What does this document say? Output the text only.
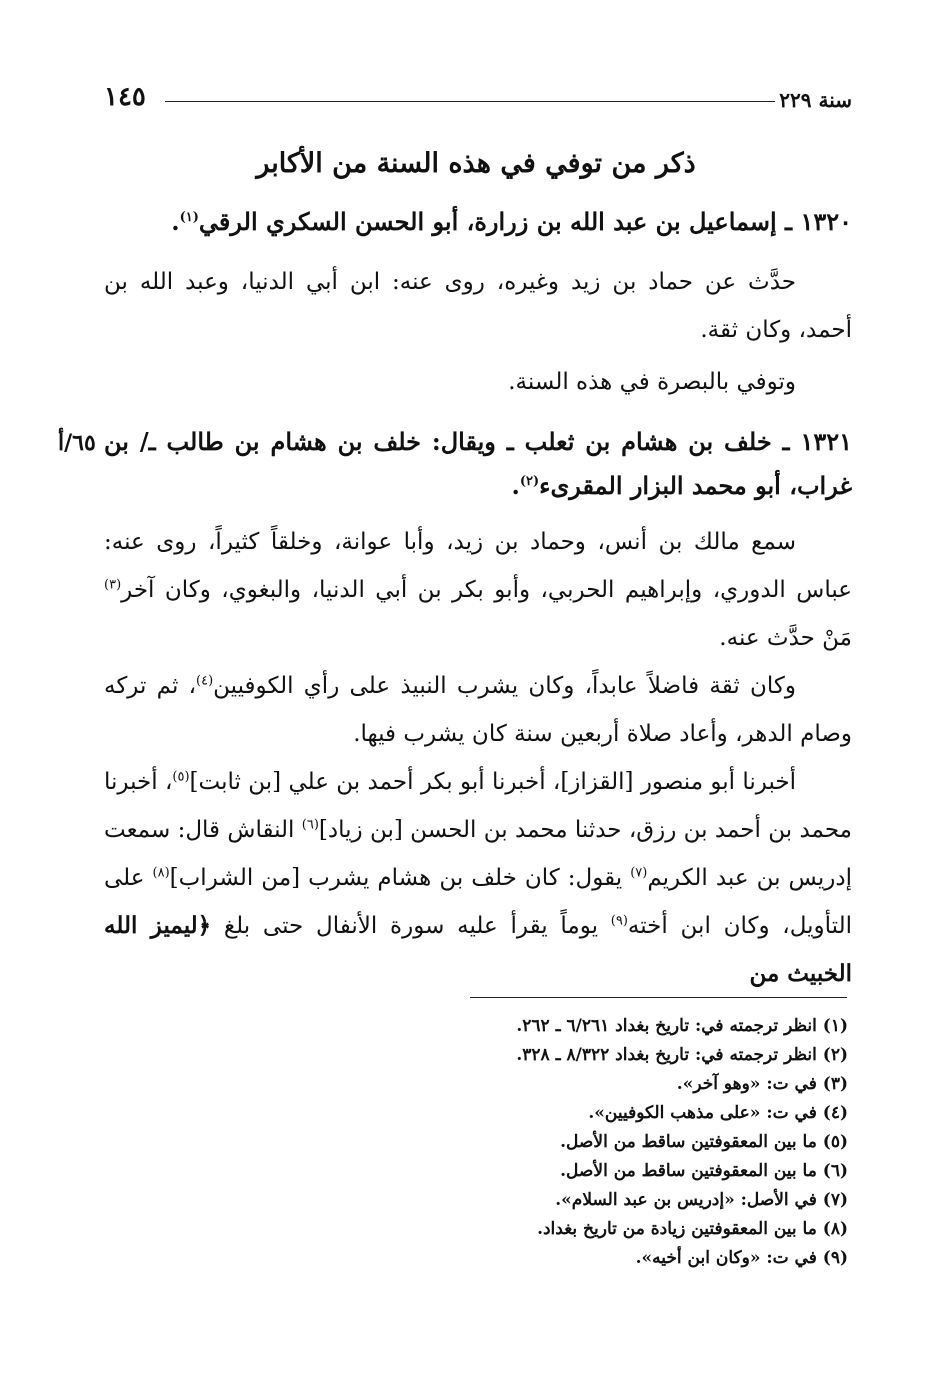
سنة ٢٢٩
١٤٥
ذكر من توفي في هذه السنة من الأكابر
١٣٢٠ ـ إسماعيل بن عبد الله بن زرارة، أبو الحسن السكري الرقي$^{(١)}$.
حدَّث عن حماد بن زيد وغيره، روى عنه: ابن أبي الدنيا، وعبد الله بن أحمد، وكان ثقة.
وتوفي بالبصرة في هذه السنة.
٦٥/أ ١٣٢١ ـ خلف بن هشام بن ثعلب ـ ويقال: خلف بن هشام بن طالب ـ/ بن غراب، أبو محمد البزار المقرىء$^{(٢)}$.
سمع مالك بن أنس، وحماد بن زيد، وأبا عوانة، وخلقاً كثيراً، روى عنه: عباس الدوري، وإبراهيم الحربي، وأبو بكر بن أبي الدنيا، والبغوي، وكان آخر$^{(٣)}$ مَنْ حدَّث عنه.
وكان ثقة فاضلاً عابداً، وكان يشرب النبيذ على رأي الكوفيين$^{(٤)}$، ثم تركه وصام الدهر، وأعاد صلاة أربعين سنة كان يشرب فيها.
أخبرنا أبو منصور [القزاز]، أخبرنا أبو بكر أحمد بن علي [بن ثابت]$^{(٥)}$، أخبرنا محمد بن أحمد بن رزق، حدثنا محمد بن الحسن [بن زياد]$^{(٦)}$ النقاش قال: سمعت إدريس بن عبد الكريم$^{(٧)}$ يقول: كان خلف بن هشام يشرب [من الشراب]$^{(٨)}$ على التأويل، وكان ابن أخته$^{(٩)}$ يوماً يقرأ عليه سورة الأنفال حتى بلغ ﴿ليميز الله الخبيث من
(١) انظر ترجمته في: تاريخ بغداد ٦/٢٦١ ـ ٢٦٢.
(٢) انظر ترجمته في: تاريخ بغداد ٨/٣٢٢ ـ ٣٢٨.
(٣) في ت: «وهو آخر».
(٤) في ت: «على مذهب الكوفيين».
(٥) ما بين المعقوفتين ساقط من الأصل.
(٦) ما بين المعقوفتين ساقط من الأصل.
(٧) في الأصل: «إدريس بن عبد السلام».
(٨) ما بين المعقوفتين زيادة من تاريخ بغداد.
(٩) في ت: «وكان ابن أخيه».
